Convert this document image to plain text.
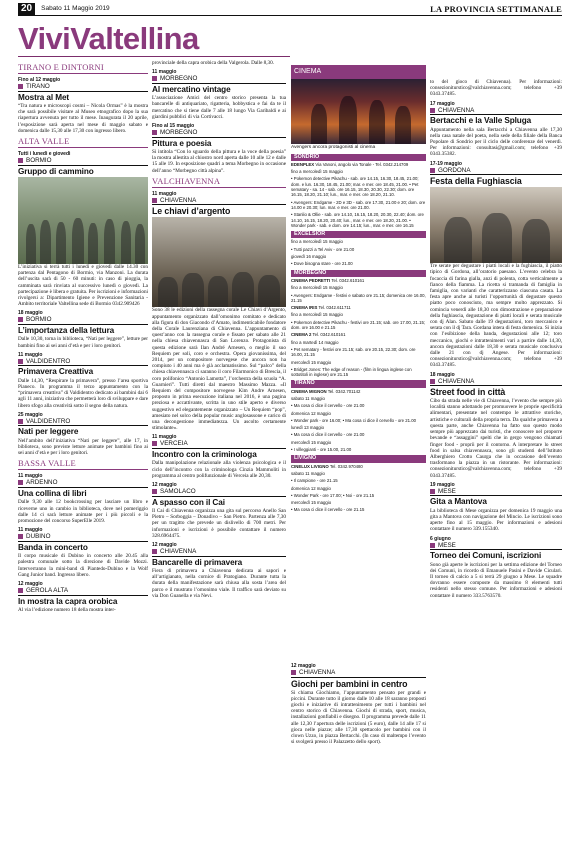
20	Sabato 11 Maggio 2019	LA PROVINCIA SETTIMANALE
Vivi Valtellina
TIRANO E DINTORNI
Fino al 12 maggio
TIRANO
Mostra al Met
“Tra natura e microscopi cosmi – Nicola Ormas” è la mostra che sarà possibile visitare al Museo etnografico dopo la sua riapertura avvenuta per tutto il mese. Inaugurata il 20 aprile, l’esposizione sarà aperta nel mese di maggio sabato e domenica dalle 15,30 alle 17,30 con ingresso libero.
ALTA VALLE
Tutti i lunedì e giovedì
BORMIO
Gruppo di cammino
L’iniziativa si terrà tutti i lunedì e giovedì dalle 14.30 con partenza dal Pentagono di Bormio, via Manzoni. La durata dell’uscita sarà di 50 - 60 minuti: in caso di pioggia, la camminata sarà rinviata al successivo lunedì o giovedì. La partecipazione è libera e gratuita. Per iscrizioni e informazioni rivolgersi a: Dipartimento Igiene e Prevenzione Sanitaria - Ambito territoriale Valtellina sede di Bormio 0342.909426
18 maggio
BORMIO
L’importanza della lettura
Dalle 10,30, torna in biblioteca, “Nati per leggere”, letture per bambini fino ai sei anni d’età e per i loro genitori.
11 maggio
VALDIDENTRO
Primavera Creattiva
Dalle 14,30, “Respirare la primavera”, presso l’area sportiva Pianeco. In programma il terzo appuntamento con la “primavera creattiva” di Valdidentro dedicato ai bambini dai 6 agli 11 anni, iniziativa che permetterà loro di sviluppare e dare libero sfogo alla creatività sotto il segno della natura.
25 maggio
VALDIDENTRO
Nati per leggere
Nell’ambito dell’iniziativa “Nati per leggere”, alle 17, in biblioteca, sono previste letture animate per bambini fino ai sei anni d’età e per i loro genitori.
BASSA VALLE
11 maggio
ARDENNO
Una collina di libri
Dalle 9,30 alle 12 bookcrossing per lasciare un libro e riceverne uno in cambio in biblioteca, dove nel pomeriggio dalle 14 ci sarà letture animate per i più piccoli e la promozione del concorso SuperElle 2019.
11 maggio
DUBINO
Banda in concerto
Il corpo musicale di Dubino in concerto alle 20.45 alla palestra comunale sotto la direzione di Davide Mozzi. Interverranno la mini-band di Piantedo-Dubino e la Wolf Gang Junior band. Ingresso libero.
12 maggio
GEROLA ALTA
In mostra la capra orobica
Al via l’edizione numero 18 della mostra inter-
provinciale della capra orobica della Valgerola. Dalle 8,30.
11 maggio
MORBEGNO
Al mercatino vintage
L’associazione Amici del centro storico presenta la tua bancarelle di antiquariato, rigatteria, hobbystica e fai da te il mercatino che si tiene dalle 7 alle 18 lungo Via Garibaldi e ai giardini pubblici di via Cortivacci.
Fino al 15 maggio
MORBEGNO
Pittura e poesia
Si intitola “Con lo sguardo della pittura e la voce della poesia” la mostra allestita al chiostro nord aperta dalle 10 alle 12 e dalle 15 alle 19. In esposizione quadri a tema Morbegno in occasione dell’anno “Morbegno città alpina”.
VALCHIAVENNA
11 maggio
CHIAVENNA
Le chiavi d’argento
Sono 38 le edizioni della rassegna corale Le Chiavi d’Argento, appuntamento organizzato dall’omonimo comitato e dedicato alla figura di don Giacondo d’Amato, indimenticabile fondatore della Corale Laurenziana di Chiavenna. L’appuntamento di quest’anno con la rassegna corale e fissato per sabato alle 21 nella chiesa chiavennasca di San Lorenzo. Protagonista di questa edizione sarà Ilan André Arnesen, o meglio il suo Requiem per soli, coro e orchestra. Opera giovanissima, del 2014, per un compositore norvegese che ancora non ha compiuto i 40 anni ma è già acclamatissimo. Sul “palco” della chiesa chiavennasca ci saranno il coro Filarmonico di Brescia, il coro polifonico “Antonio Lamotta”, l’orchestra della scuola “A. Guarnieri”. Tutti diretti dal maestro Massimo Mazza. «Il Requiem del compositore norvegese Kim Andre Arnesen, proposto in prima esecuzione italiana nel 2016, è una pagina preziosa e accattivante, scritta in uno stile aperto e diverso suggestivo ed elegantemente organizzato – Un Requiem “pop”, amesiato nel solco della popular music anglosassone e carico di una decongestione immediatezza. Un ascolto certamente stimolante».
11 maggio
VERCEIA
Incontro con la criminologa
Dalla manipolazione relazionale alla violenza psicologica e il ciclo dell’incontro con la criminologa Cinzia Mammoliti in programma al centro polifunzionale di Verceia alle 20,30.
12 maggio
SAMOLACO
A spasso con il Cai
Il Cai di Chiavenna organizza una gita sul percorso Anello San Pietro – Sorboggia – Donadivo – San Pietro. Partenza alle 7,30 per un tragitto che prevede un dislivello di 700 metri. Per informazioni e iscrizioni è possibile contattare il numero 328.6964475.
12 maggio
CHIAVENNA
Bancarelle di primavera
Fiera di primavera a Chiavenna dedicata ai sapori e all’artigianato, nella cornice di Pratogiano. Durante tutta la durata della manifestazione sarà chiusa alla sosta l’area del parco e il mustrato l’omonimo viale. Il traffico sarà deviato su via Don Guanella e via Nevi.
CINEMA
Avengers ancora protagonisti al cinema
SONDRIO
EDENPLEX Via Vanoni, angolo via Tonale - Tel. 0342.214709
fino a mercoledì 15 maggio
• Pokemon detective Pikachu - sab. ore 14.15, 16.30, 18.45, 21.00; dom. e lun. 16.30, 18.45, 21.00; mar. e mer. ore 18.45, 21.00. • Pet sematary - sa. 14 - sab. ore 16.15, 18.30, 20.30, 22.30; dom. ore 16.15, 18.20, 21.10; lun., mar. e mer. ore 18.20, 21.10.
• Avengers: Endgame - 2D e 3D - sab. ore 17.30, 21.00 e 20; dom. ore 14.00 e 20.30; lun. mar. e mer. ore 21.00.
• Stanlio & Ollie - sab. ore 14.10, 16.15, 18.20, 20.30, 22.40; dom. ore 14.10, 16.15, 18.20, 20.40; lun., mar. e mer. ore 18.20, 21.00. • Wonder park - sab. e dom. ore 14.15; lun., mar. e mer. ore 16.15
EXCELSIOR
fino a mercoledì 15 maggio
• Tutti pazzi a Tel Aviv - ore 21.00
giovedì 16 maggio
• Dove bisogna stare - ore 21.00
MORBEGNO
CINEMA PEDRETTI Tel. 0342.610161
fino a mercoledì 15 maggio
• Avengers: Endgame - festivi e sabato ore 21.15; domenica ore 16.00, 21.15
CINEMA IRIS Tel. 0342.611711
fino a mercoledì 15 maggio
• Pokemon detective Pikachu - festivi ore 21.15; sab. ore 17.00, 21.15; dom. ore 16.00 e 21.15
CINEMA 2 Tel. 0342.610161
fino a martedì 14 maggio
• Pet sematary - festivi ore 21.15; sab. ore 20.15, 22.30; dom. ore 16.00, 21.15
mercoledì 15 maggio
• Bridget Jones: The edge of reason - (film in lingua inglese con sottotitoli in inglese) ore 21.15
TIRANO
CINEMA MIGNON Tel. 0342.701142
sabato 11 maggio
• Ma cosa ci dice il cervello - ore 21.00
domenica 12 maggio
• Wonder park - ore 16.00; • Ma cosa ci dice il cervello - ore 21.00
lunedì 13 maggio
• Ma cosa ci dice il cervello - ore 21.00
mercoledì 15 maggio
• I villeggianti - ore 15.00, 21.00
LIVIGNO
CINELUX LIVIGNO Tel. 0342.970480
sabato 11 maggio
• Il campione - ore 21.15
domenica 12 maggio
• Wonder Park - ore 17.00; • Noi - ore 21.15
mercoledì 15 maggio
• Ma cosa ci dice il cervello - ore 21.15
12 maggio
CHIAVENNA
Giochi per bambini in centro
Si chiama Giochiamo, l’appuntamento pensato per grandi e piccini. Durante tutto il giorno dalle 10 alle 18 saranno proposti giochi e iniziative di intrattenimento per tutti i bambini nel centro storico di Chiavenna. Giochi di strada, sport, musica, installazioni gonfiabili e disegno. Il programma prevede dalle 11 alle 12,30 l’apertura delle iscrizioni (5 euro), dalle 14 alle 17 si gioca nelle piazze; alle 17,30 spettacolo per bambini con il clown Uzzo, in piazza Bertacchi. (In caso di maltempo l’evento si svolgerà presso il Palazzetto dello sport).
to del gioco di Chiavenna). Per informazioni: consezioniturstico@valchiavenna.com; telefono +39 0343.37485.
17 maggio
CHIAVENNA
Bertacchi e la Valle Spluga
Appuntamento nella sala Bertacchi a Chiavenna alle 17,30 nella casa natale del poeta, nella sede della filiale della Banca Popolare di Sondrio per il ciclo delle conferenze del venerdì. Per informazioni: consultasi@gmail.com; telefono +39 0343.35382.
17-19 maggio
GORDONA
Festa della Fughiascia
Tre serate per degustare i piatti locali e la fughiascia, il piatto tipico di Gordona, all’oratorio paesano. L’evento celebra la focaccia di farina gialla, anzi di polenta, cotta verticalmente a fianco della fiamma. La ricetta si tramanda di famiglia in famiglia, con varianti che caratterizzano ciascuna casata. La festa apre anche ai turisti l’opportunità di degustare questo piatto poco conosciuto, ma sempre molto apprezzato. Si comincia venerdì alle 18,30 con dimostrazione e preparazione della fughiascia, degustazione di piatti locali e serata musicale con dj Alan. Sabato dalle 19 degustazioni, toro meccanico e serata con il dj Tara. Gordana intera di festa domenica. Si inizia con l’esibizione della banda, degustazioni alle 12; toro meccanico, giochi e intrattenimenti vari a partire dalle 14,30, ancora degustazioni dalle 18,30 e serata musicale conclusiva dalle 21 con dj Angese. Per informazioni: consezioniturstico@valchiavenna.com; telefono +39 0343.37485.
18 maggio
CHIAVENNA
Street food in città
Cibo da strada nelle vie di Chiavenna, l’evento che sempre più località stanno adottando per promuovere le proprie specificità alimentari, presentate nel contempo le attrattive storiche, artistiche e culturali della propria terra. Da qualche primavera a questa parte, anche Chiavenna ha fatto suo questo modo sempre più apprezzato dai turisti, che conoscere nel proporre bevande e “assaggini” spelti che in gergo vengono chiamati finger food - proprii per il contorno. A interpretare lo street food in salsa chiavennasca, sono gli studenti dell’Istituto Alberghiero Crotto Caurga che in occasione dell’evento trasformano la piazza in un ristorante. Per informazioni: consezioniturstico@valchiavenna.com; telefono +39 0343.37485.
19 maggio
MESE
Gita a Mantova
La biblioteca di Mese organizza per domenica 19 maggio una gita a Mantova con navigazione del Mincio. Le iscrizioni sono aperte fino al 15 maggio. Per informazioni e adesioni contattare il numero 339.155340.
6 giugno
MESE
Torneo dei Comuni, iscrizioni
Sono già aperte le iscrizioni per la settima edizione del Torneo dei Comuni, in ricordo di Emanuele Pasini e Davide Ciculari. Il torneo di calcio a 5 si terrà 29 giugno a Mese. Le squadre dovranno essere composte da massimo 8 elementi tutti residenti nello stesso comune. Per informazioni e adesioni contattare il numero 333.5763570.
